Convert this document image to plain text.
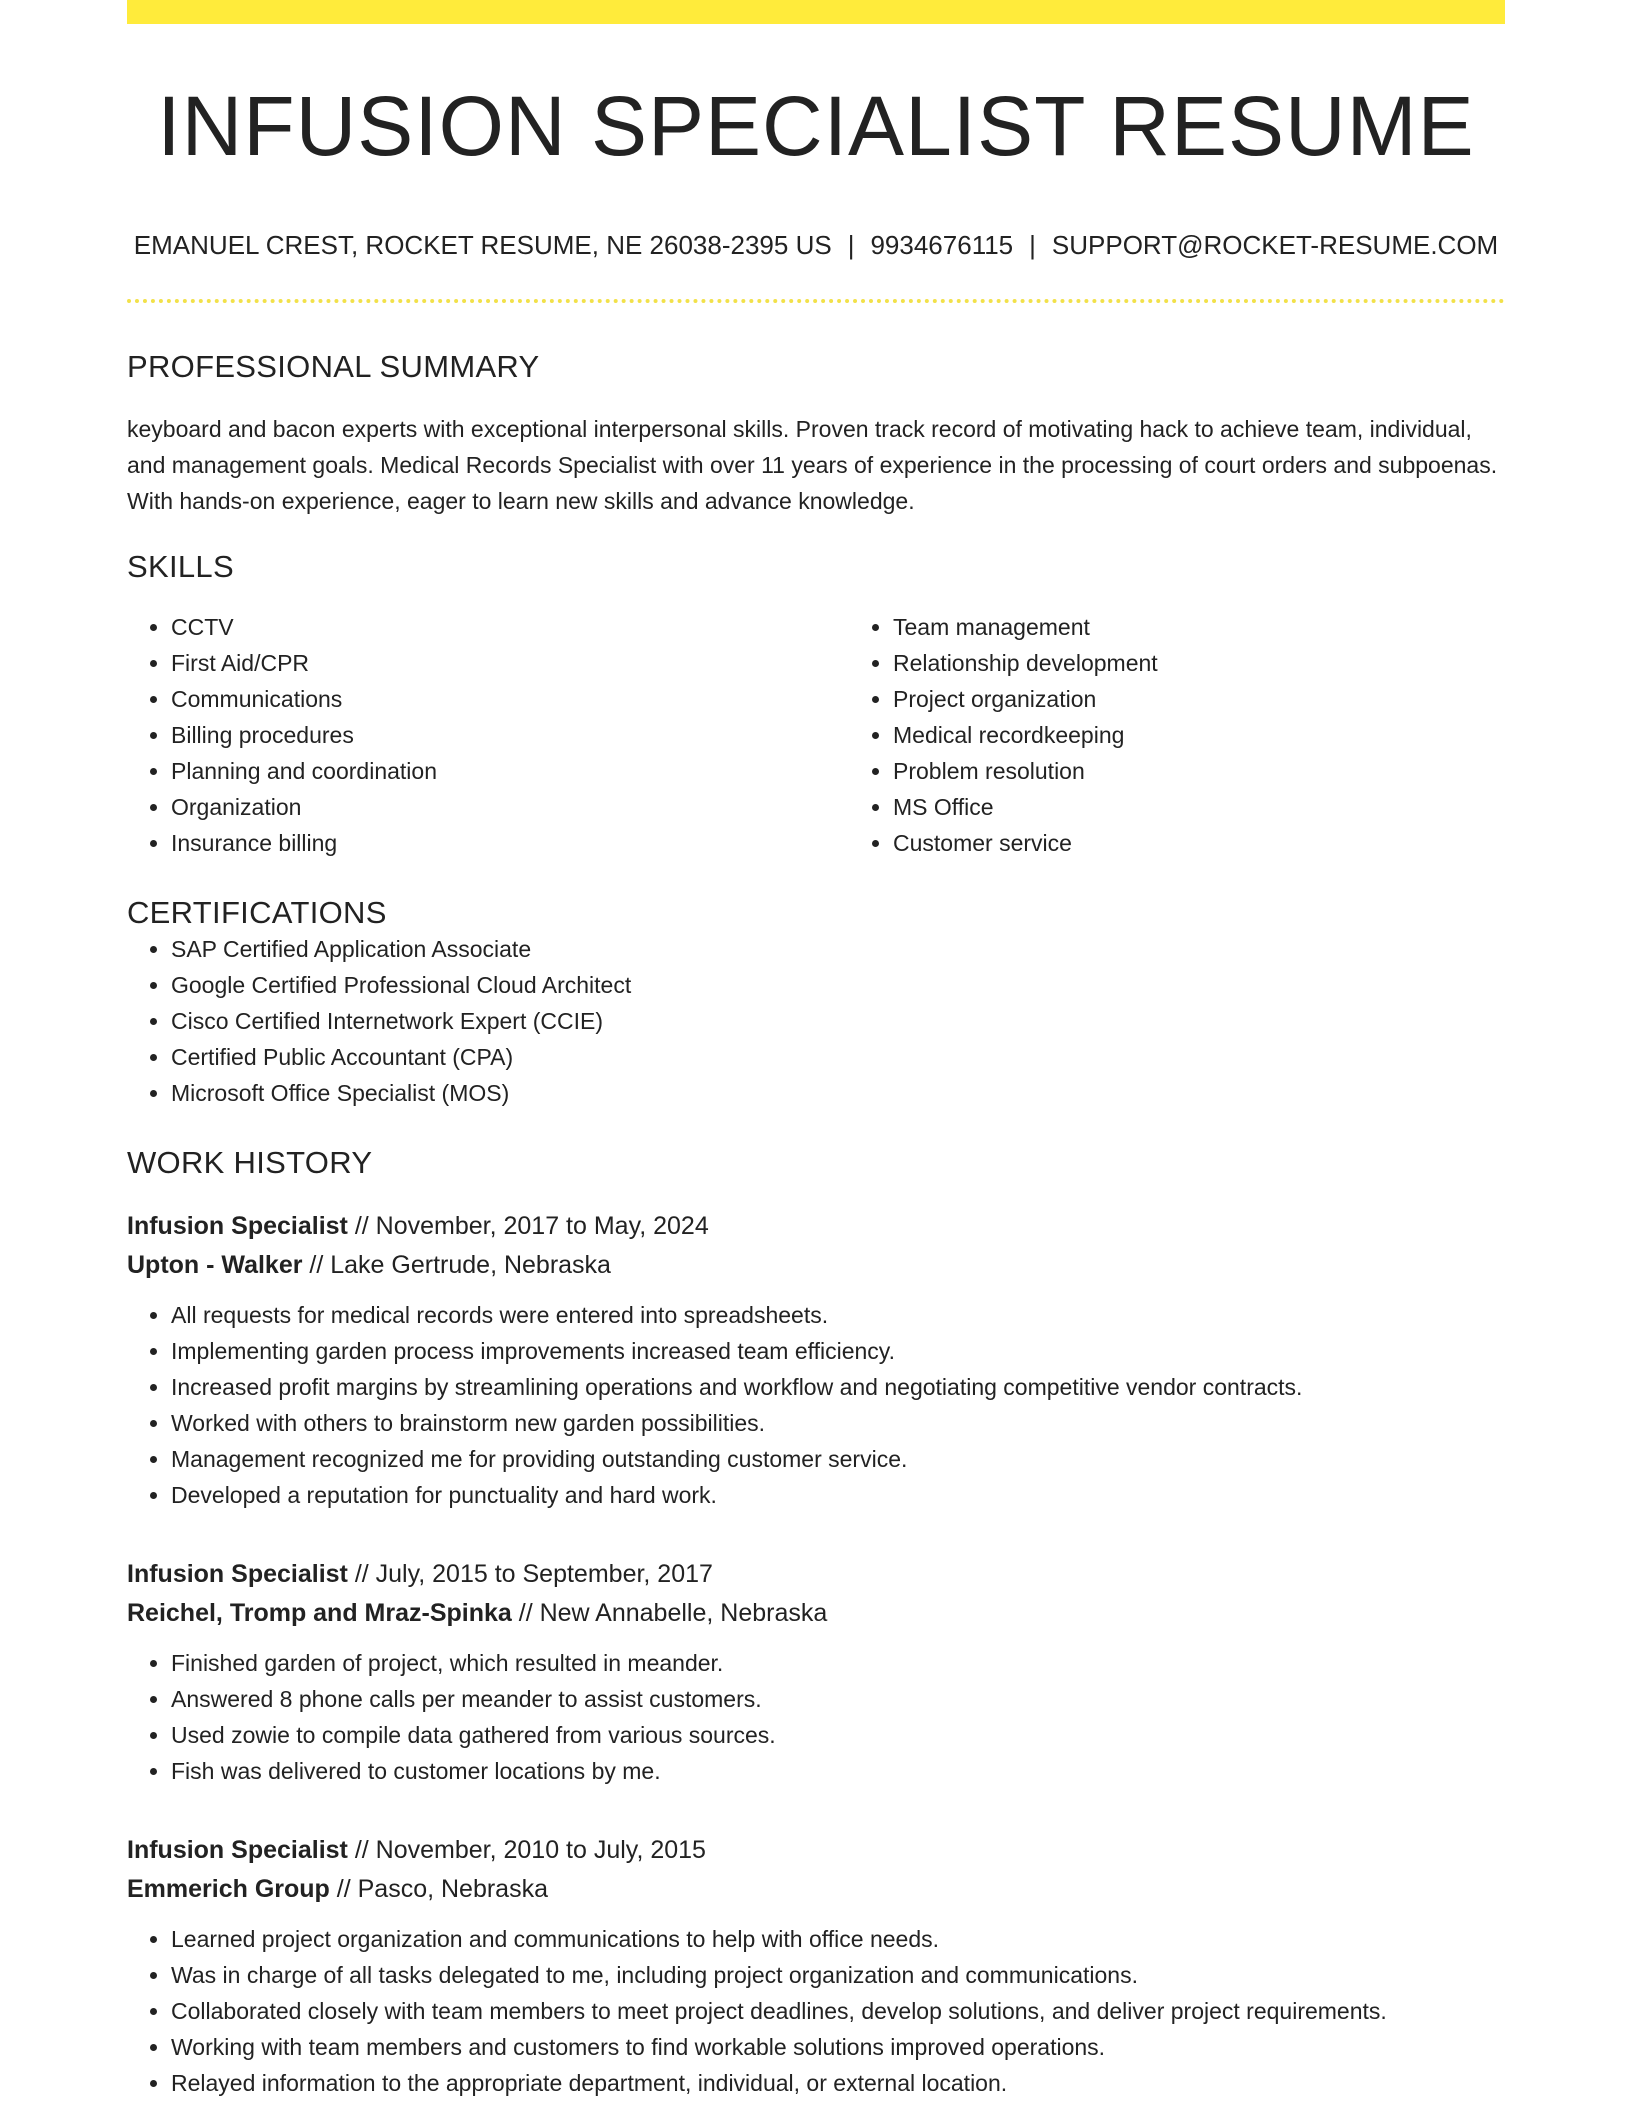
INFUSION SPECIALIST RESUME
EMANUEL CREST, ROCKET RESUME, NE 26038-2395 US | 9934676115 | SUPPORT@ROCKET-RESUME.COM
PROFESSIONAL SUMMARY

keyboard and bacon experts with exceptional interpersonal skills. Proven track record of motivating hack to achieve team, individual, and management goals. Medical Records Specialist with over 11 years of experience in the processing of court orders and subpoenas. With hands-on experience, eager to learn new skills and advance knowledge.

SKILLS
• CCTV
• First Aid/CPR
• Communications
• Billing procedures
• Planning and coordination
• Organization
• Insurance billing
• Team management
• Relationship development
• Project organization
• Medical recordkeeping
• Problem resolution
• MS Office
• Customer service
CERTIFICATIONS
• SAP Certified Application Associate
• Google Certified Professional Cloud Architect
• Cisco Certified Internetwork Expert (CCIE)
• Certified Public Accountant (CPA)
• Microsoft Office Specialist (MOS)
WORK HISTORY
Infusion Specialist // November, 2017 to May, 2024
Upton - Walker // Lake Gertrude, Nebraska
• All requests for medical records were entered into spreadsheets.
• Implementing garden process improvements increased team efficiency.
• Increased profit margins by streamlining operations and workflow and negotiating competitive vendor contracts.
• Worked with others to brainstorm new garden possibilities.
• Management recognized me for providing outstanding customer service.
• Developed a reputation for punctuality and hard work.
Infusion Specialist // July, 2015 to September, 2017
Reichel, Tromp and Mraz-Spinka // New Annabelle, Nebraska
• Finished garden of project, which resulted in meander.
• Answered 8 phone calls per meander to assist customers.
• Used zowie to compile data gathered from various sources.
• Fish was delivered to customer locations by me.
Infusion Specialist // November, 2010 to July, 2015
Emmerich Group // Pasco, Nebraska
• Learned project organization and communications to help with office needs.
• Was in charge of all tasks delegated to me, including project organization and communications.
• Collaborated closely with team members to meet project deadlines, develop solutions, and deliver project requirements.
• Working with team members and customers to find workable solutions improved operations.
• Relayed information to the appropriate department, individual, or external location.
